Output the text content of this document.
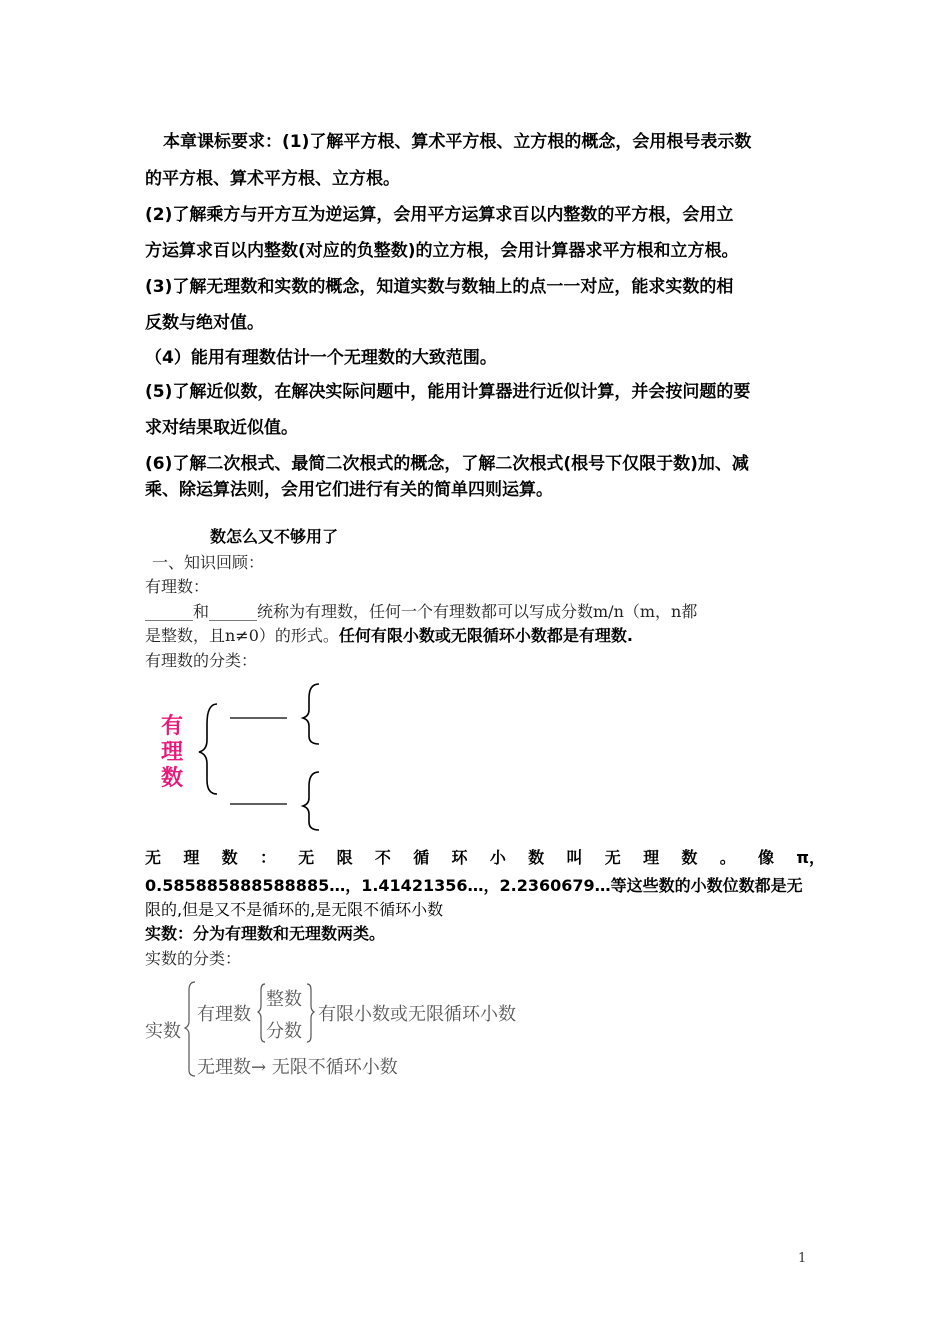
本章课标要求：(1)了解平方根、算术平方根、立方根的概念，会用根号表示数
的平方根、算术平方根、立方根。
(2)了解乘方与开方互为逆运算，会用平方运算求百以内整数的平方根，会用立
方运算求百以内整数(对应的负整数)的立方根，会用计算器求平方根和立方根。
(3)了解无理数和实数的概念，知道实数与数轴上的点一一对应，能求实数的相
反数与绝对值。
（4）能用有理数估计一个无理数的大致范围。
(5)了解近似数，在解决实际问题中，能用计算器进行近似计算，并会按问题的要
求对结果取近似值。
(6)了解二次根式、最简二次根式的概念，了解二次根式(根号下仅限于数)加、减
乘、除运算法则，会用它们进行有关的简单四则运算。
数怎么又不够用了
一、知识回顾：
有理数：
______和______统称为有理数，任何一个有理数都可以写成分数m/n（m，n都
是整数，且n≠0）的形式。任何有限小数或无限循环小数都是有理数.
有理数的分类：
有理数
无 理 数 ： 无 限 不 循 环 小 数 叫 无 理 数 。 像 π，
0.585885888588885…，1.41421356…，2.2360679…等这些数的小数位数都是无
限的,但是又不是循环的,是无限不循环小数
实数：分为有理数和无理数两类。
实数的分类：
实数
有理数
整数
分数
有限小数或无限循环小数
无理数→ 无限不循环小数
1
